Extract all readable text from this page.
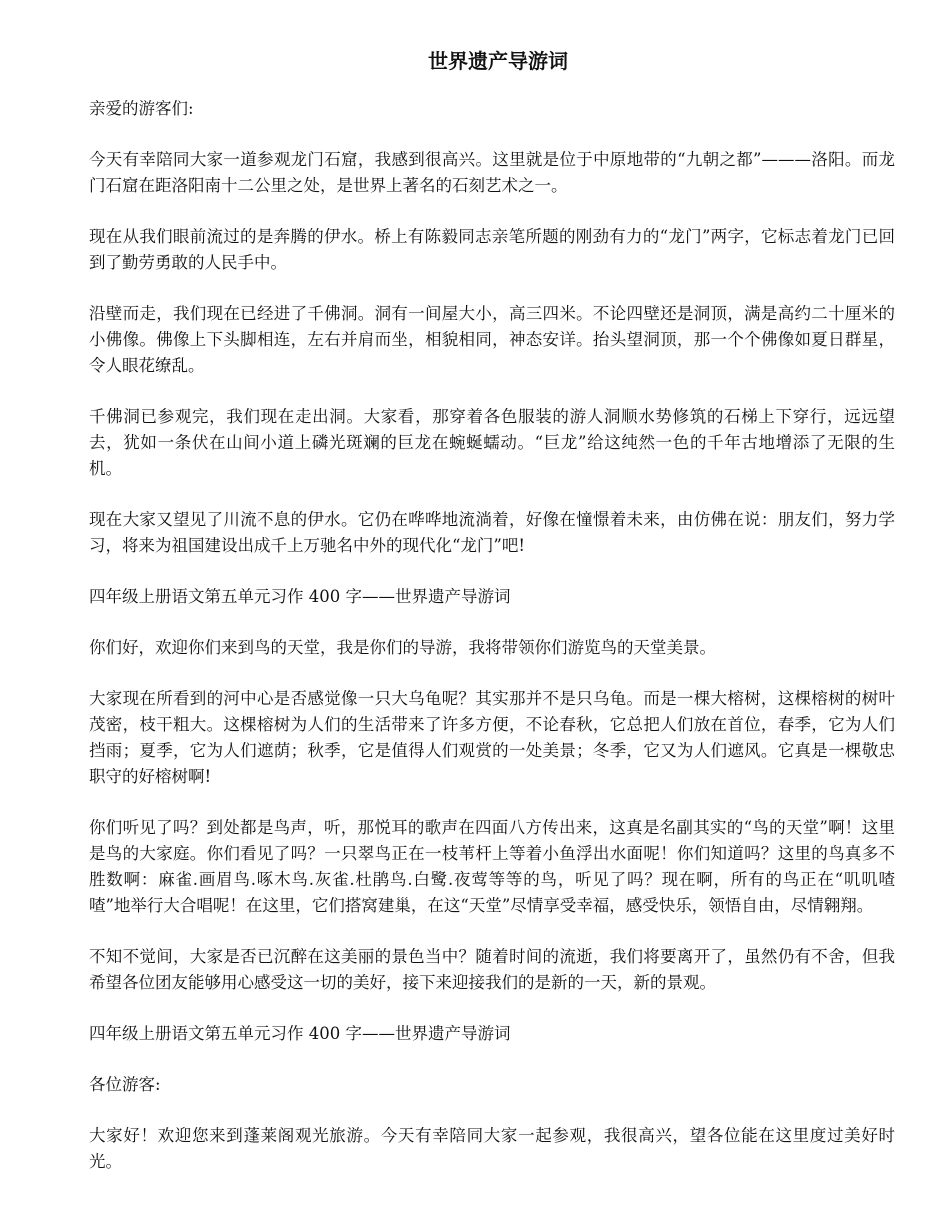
世界遗产导游词

亲爱的游客们:

今天有幸陪同大家一道参观龙门石窟，我感到很高兴。这里就是位于中原地带的“九朝之都”———洛阳。而龙门石窟在距洛阳南十二公里之处，是世界上著名的石刻艺术之一。

现在从我们眼前流过的是奔腾的伊水。桥上有陈毅同志亲笔所题的刚劲有力的“龙门”两字，它标志着龙门已回到了勤劳勇敢的人民手中。

沿壁而走，我们现在已经进了千佛洞。洞有一间屋大小，高三四米。不论四壁还是洞顶，满是高约二十厘米的小佛像。佛像上下头脚相连，左右并肩而坐，相貌相同，神态安详。抬头望洞顶，那一个个佛像如夏日群星，令人眼花缭乱。

千佛洞已参观完，我们现在走出洞。大家看，那穿着各色服装的游人洞顺水势修筑的石梯上下穿行，远远望去，犹如一条伏在山间小道上磷光斑斓的巨龙在蜿蜒蠕动。“巨龙”给这纯然一色的千年古地增添了无限的生机。

现在大家又望见了川流不息的伊水。它仍在哗哗地流淌着，好像在憧憬着未来，由仿佛在说：朋友们，努力学习，将来为祖国建设出成千上万驰名中外的现代化“龙门”吧!

四年级上册语文第五单元习作 400 字——世界遗产导游词

你们好，欢迎你们来到鸟的天堂，我是你们的导游，我将带领你们游览鸟的天堂美景。

大家现在所看到的河中心是否感觉像一只大乌龟呢？其实那并不是只乌龟。而是一棵大榕树，这棵榕树的树叶茂密，枝干粗大。这棵榕树为人们的生活带来了许多方便，不论春秋，它总把人们放在首位，春季，它为人们挡雨；夏季，它为人们遮荫；秋季，它是值得人们观赏的一处美景；冬季，它又为人们遮风。它真是一棵敬忠职守的好榕树啊!

你们听见了吗？到处都是鸟声，听，那悦耳的歌声在四面八方传出来，这真是名副其实的“鸟的天堂”啊！这里是鸟的大家庭。你们看见了吗？一只翠鸟正在一枝苇杆上等着小鱼浮出水面呢！你们知道吗？这里的鸟真多不胜数啊：麻雀.画眉鸟.啄木鸟.灰雀.杜鹃鸟.白鹭.夜莺等等的鸟，听见了吗？现在啊，所有的鸟正在“叽叽喳喳”地举行大合唱呢！在这里，它们搭窝建巢，在这“天堂”尽情享受幸福，感受快乐，领悟自由，尽情翱翔。

不知不觉间，大家是否已沉醉在这美丽的景色当中？随着时间的流逝，我们将要离开了，虽然仍有不舍，但我希望各位团友能够用心感受这一切的美好，接下来迎接我们的是新的一天，新的景观。

四年级上册语文第五单元习作 400 字——世界遗产导游词

各位游客:

大家好！欢迎您来到蓬莱阁观光旅游。今天有幸陪同大家一起参观，我很高兴，望各位能在这里度过美好时光。
